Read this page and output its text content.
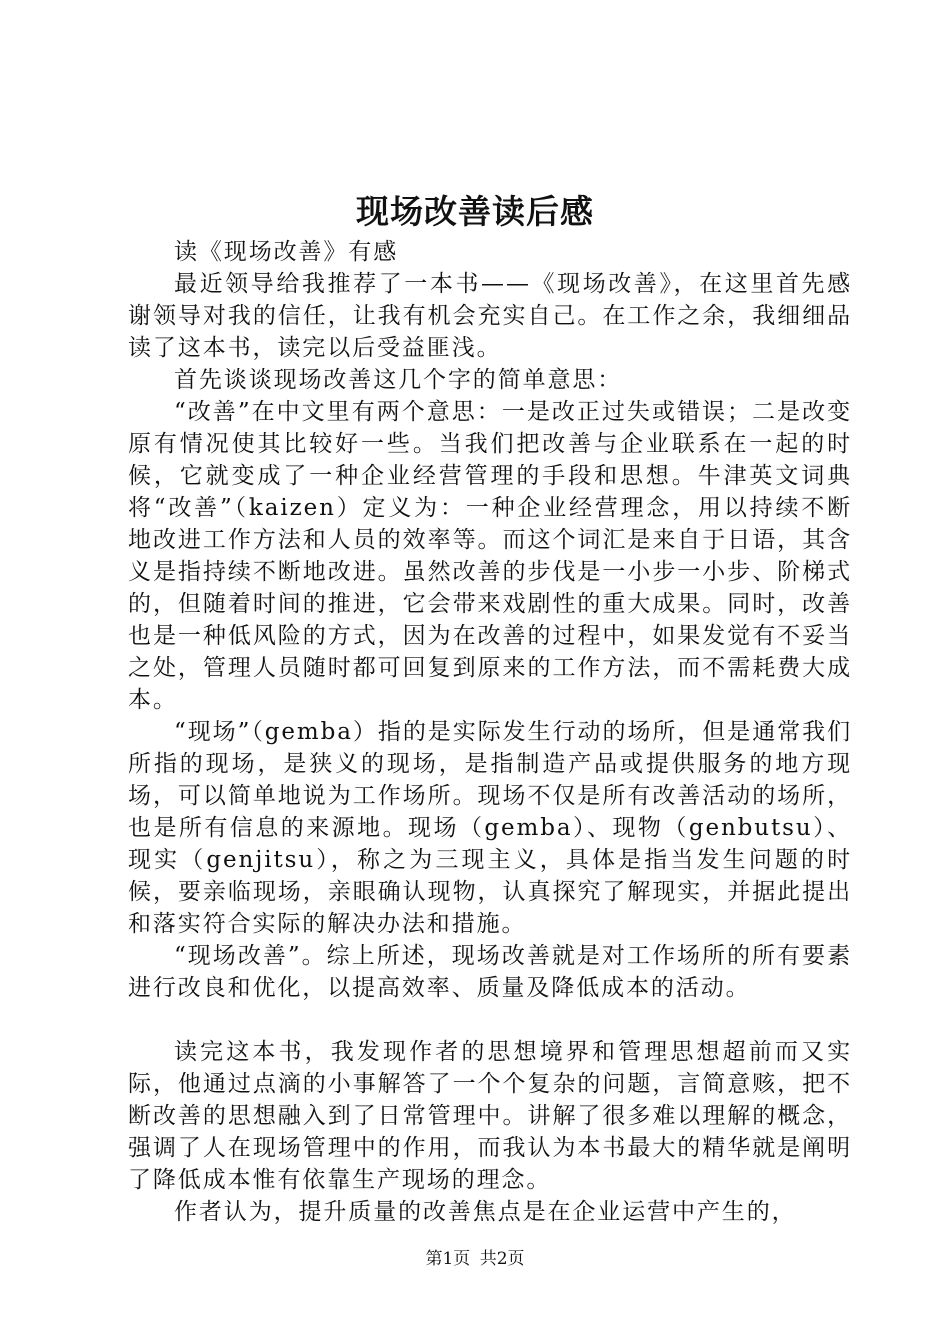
现场改善读后感

读《现场改善》有感

最近领导给我推荐了一本书——《现场改善》，在这里首先感谢领导对我的信任，让我有机会充实自己。在工作之余，我细细品读了这本书，读完以后受益匪浅。

首先谈谈现场改善这几个字的简单意思：

“改善”在中文里有两个意思：一是改正过失或错误；二是改变原有情况使其比较好一些。当我们把改善与企业联系在一起的时候，它就变成了一种企业经营管理的手段和思想。牛津英文词典将“改善”（kaizen）定义为：一种企业经营理念，用以持续不断地改进工作方法和人员的效率等。而这个词汇是来自于日语，其含义是指持续不断地改进。虽然改善的步伐是一小步一小步、阶梯式的，但随着时间的推进，它会带来戏剧性的重大成果。同时，改善也是一种低风险的方式，因为在改善的过程中，如果发觉有不妥当之处，管理人员随时都可回复到原来的工作方法，而不需耗费大成本。

“现场”（gemba）指的是实际发生行动的场所，但是通常我们所指的现场，是狭义的现场，是指制造产品或提供服务的地方现场，可以简单地说为工作场所。现场不仅是所有改善活动的场所，也是所有信息的来源地。现场（gemba）、现物（genbutsu）、现实（genjitsu），称之为三现主义，具体是指当发生问题的时候，要亲临现场，亲眼确认现物，认真探究了解现实，并据此提出和落实符合实际的解决办法和措施。

“现场改善”。综上所述，现场改善就是对工作场所的所有要素进行改良和优化，以提高效率、质量及降低成本的活动。

读完这本书，我发现作者的思想境界和管理思想超前而又实际，他通过点滴的小事解答了一个个复杂的问题，言简意赅，把不断改善的思想融入到了日常管理中。讲解了很多难以理解的概念，强调了人在现场管理中的作用，而我认为本书最大的精华就是阐明了降低成本惟有依靠生产现场的理念。

作者认为，提升质量的改善焦点是在企业运营中产生的，

第1页 共2页
